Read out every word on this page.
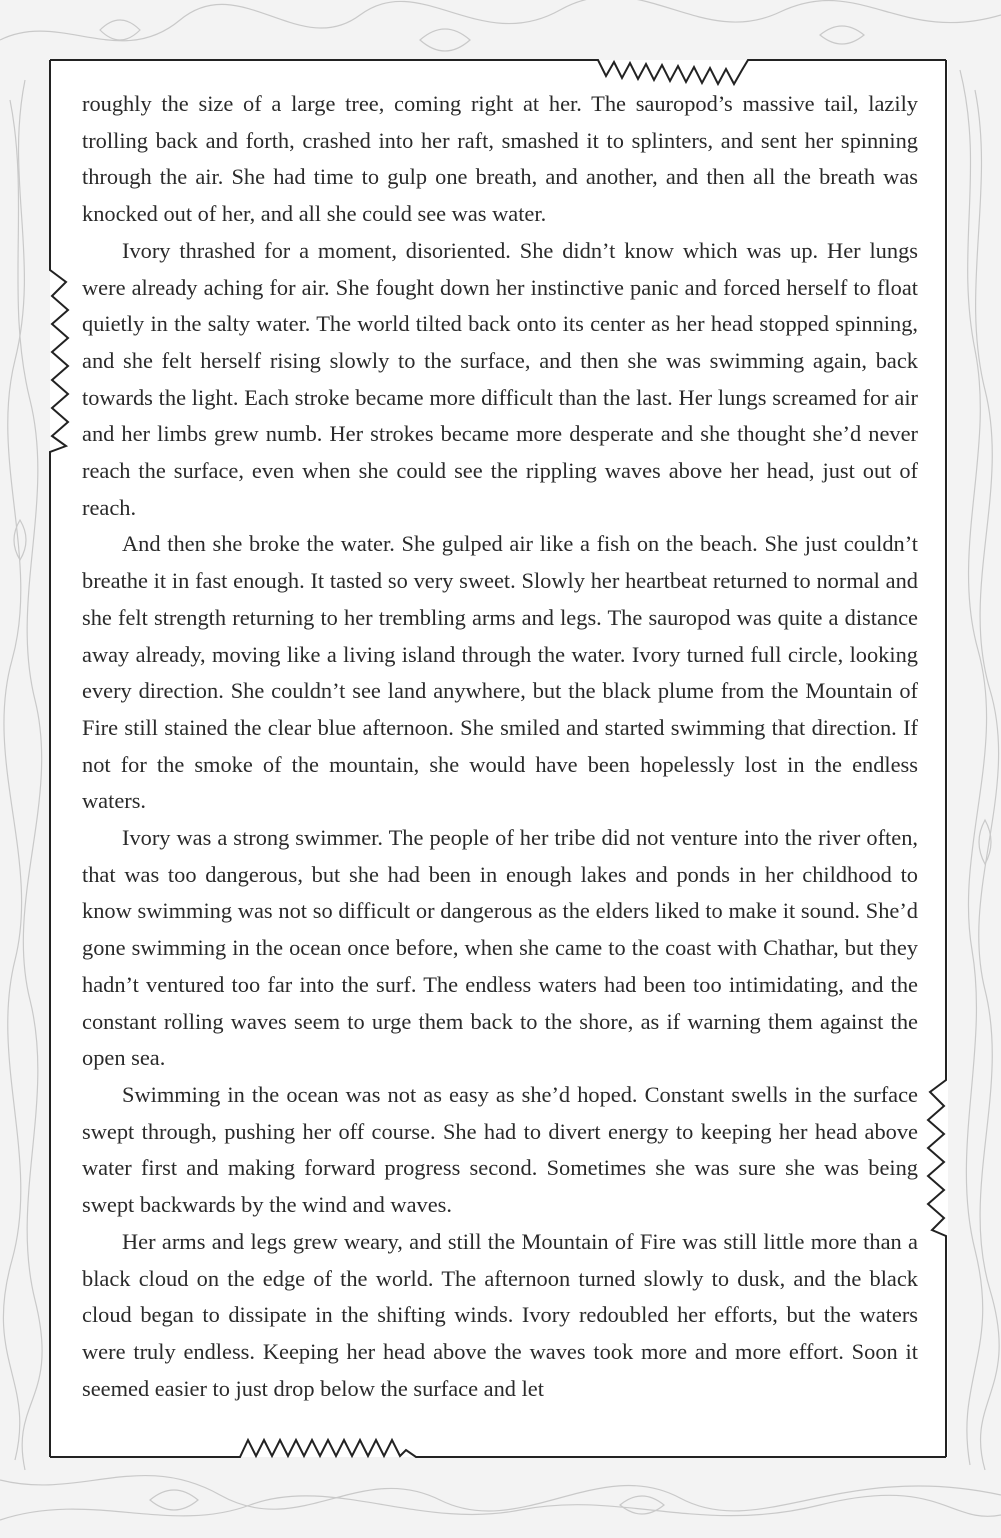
roughly the size of a large tree, coming right at her. The sauropod’s massive tail, lazily trolling back and forth, crashed into her raft, smashed it to splinters, and sent her spinning through the air. She had time to gulp one breath, and another, and then all the breath was knocked out of her, and all she could see was water.

Ivory thrashed for a moment, disoriented. She didn’t know which was up. Her lungs were already aching for air. She fought down her instinctive panic and forced herself to float quietly in the salty water. The world tilted back onto its center as her head stopped spinning, and she felt herself rising slowly to the surface, and then she was swimming again, back towards the light. Each stroke became more difficult than the last. Her lungs screamed for air and her limbs grew numb. Her strokes became more desperate and she thought she’d never reach the surface, even when she could see the rippling waves above her head, just out of reach.

And then she broke the water. She gulped air like a fish on the beach. She just couldn’t breathe it in fast enough. It tasted so very sweet. Slowly her heartbeat returned to normal and she felt strength returning to her trembling arms and legs. The sauropod was quite a distance away already, moving like a living island through the water. Ivory turned full circle, looking every direction. She couldn’t see land anywhere, but the black plume from the Mountain of Fire still stained the clear blue afternoon. She smiled and started swimming that direction. If not for the smoke of the mountain, she would have been hopelessly lost in the endless waters.

Ivory was a strong swimmer. The people of her tribe did not venture into the river often, that was too dangerous, but she had been in enough lakes and ponds in her childhood to know swimming was not so difficult or dangerous as the elders liked to make it sound. She’d gone swimming in the ocean once before, when she came to the coast with Chathar, but they hadn’t ventured too far into the surf. The endless waters had been too intimidating, and the constant rolling waves seem to urge them back to the shore, as if warning them against the open sea.

Swimming in the ocean was not as easy as she’d hoped. Constant swells in the surface swept through, pushing her off course. She had to divert energy to keeping her head above water first and making forward progress second. Sometimes she was sure she was being swept backwards by the wind and waves.

Her arms and legs grew weary, and still the Mountain of Fire was still little more than a black cloud on the edge of the world. The afternoon turned slowly to dusk, and the black cloud began to dissipate in the shifting winds. Ivory redoubled her efforts, but the waters were truly endless. Keeping her head above the waves took more and more effort. Soon it seemed easier to just drop below the surface and let
